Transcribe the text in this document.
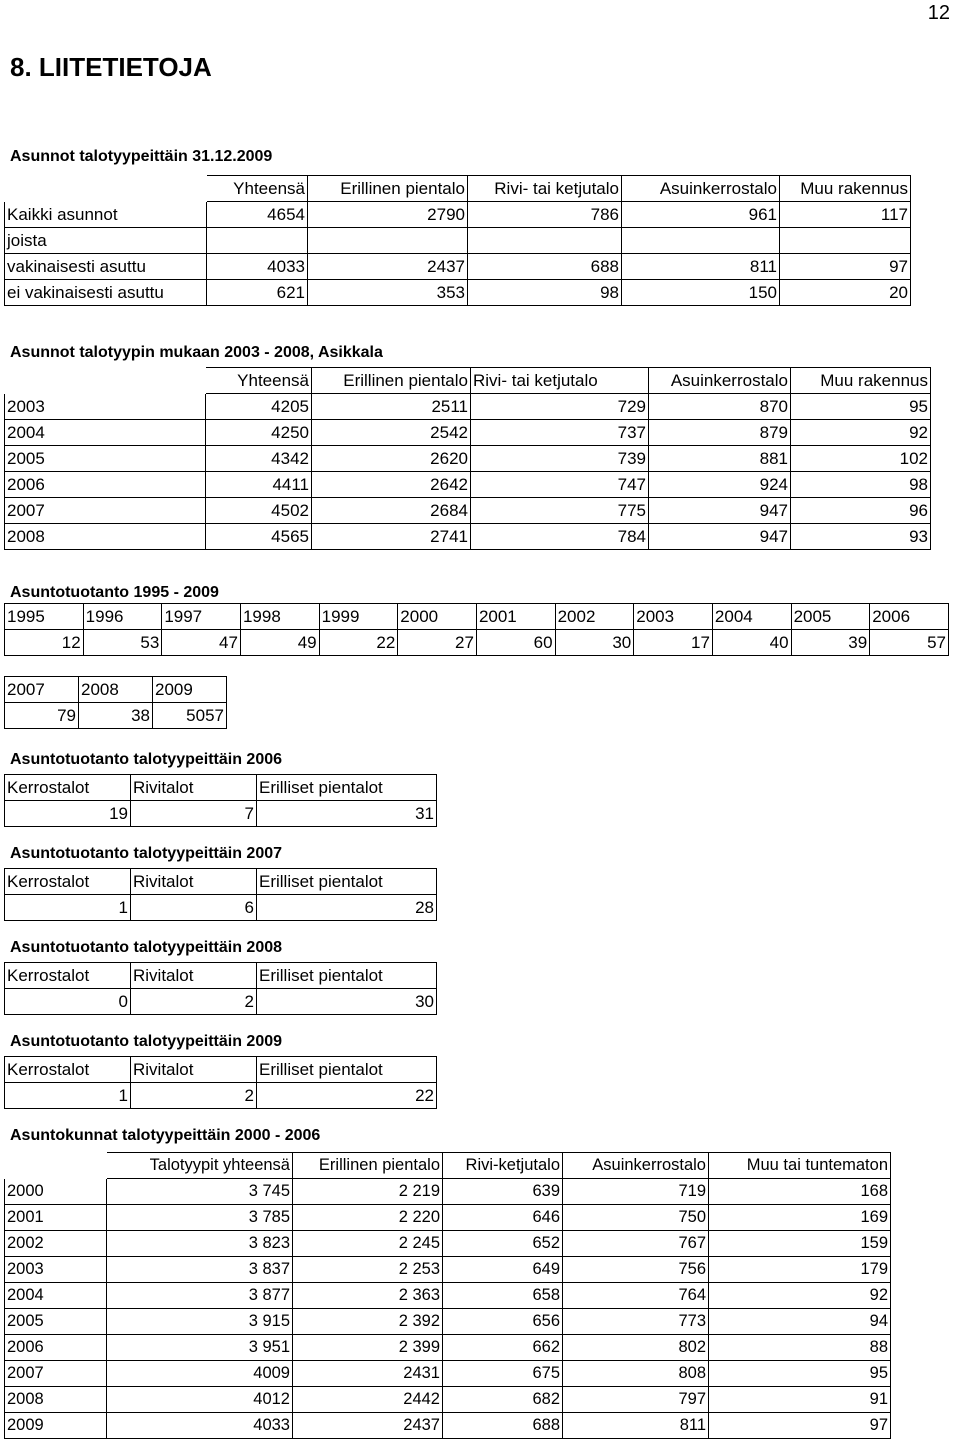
12
8. LIITETIETOJA
Asunnot talotyypeittäin 31.12.2009
	Yhteensä	Erillinen pientalo	Rivi- tai ketjutalo	Asuinkerrostalo	Muu rakennus
Kaikki asunnot	4654	2790	786	961	117
joista					
vakinaisesti asuttu	4033	2437	688	811	97
ei vakinaisesti asuttu	621	353	98	150	20
Asunnot talotyypin mukaan 2003 - 2008, Asikkala
	Yhteensä	Erillinen pientalo	Rivi- tai ketjutalo	Asuinkerrostalo	Muu rakennus
2003	4205	2511	729	870	95
2004	4250	2542	737	879	92
2005	4342	2620	739	881	102
2006	4411	2642	747	924	98
2007	4502	2684	775	947	96
2008	4565	2741	784	947	93
Asuntotuotanto 1995 - 2009
1995	1996	1997	1998	1999	2000	2001	2002	2003	2004	2005	2006
12	53	47	49	22	27	60	30	17	40	39	57
2007	2008	2009
79	38	5057
Asuntotuotanto talotyypeittäin 2006
Kerrostalot	Rivitalot	Erilliset pientalot
19	7	31
Asuntotuotanto talotyypeittäin 2007
Kerrostalot	Rivitalot	Erilliset pientalot
1	6	28
Asuntotuotanto talotyypeittäin 2008
Kerrostalot	Rivitalot	Erilliset pientalot
0	2	30
Asuntotuotanto talotyypeittäin 2009
Kerrostalot	Rivitalot	Erilliset pientalot
1	2	22
Asuntokunnat talotyypeittäin 2000 - 2006
	Talotyypit yhteensä	Erillinen pientalo	Rivi-ketjutalo	Asuinkerrostalo	Muu tai tuntematon
2000	3 745	2 219	639	719	168
2001	3 785	2 220	646	750	169
2002	3 823	2 245	652	767	159
2003	3 837	2 253	649	756	179
2004	3 877	2 363	658	764	92
2005	3 915	2 392	656	773	94
2006	3 951	2 399	662	802	88
2007	4009	2431	675	808	95
2008	4012	2442	682	797	91
2009	4033	2437	688	811	97
